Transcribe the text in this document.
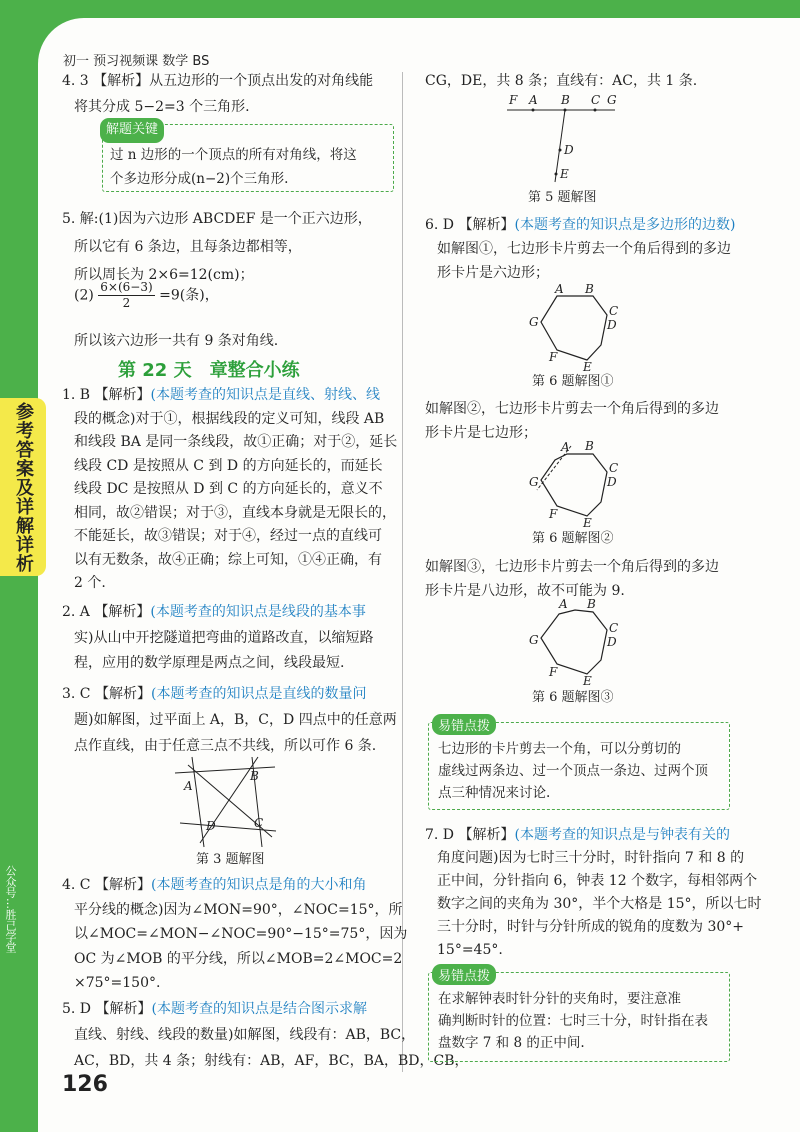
初一 预习视频课 数学 BS
参考答案及详解详析
公众号…胜己学堂
126
4. 3 【解析】从五边形的一个顶点出发的对角线能
将其分成 5−2=3 个三角形.
解题关键
过 n 边形的一个顶点的所有对角线，将这
个多边形分成(n−2)个三角形.
5. 解:(1)因为六边形 ABCDEF 是一个正六边形，
所以它有 6 条边，且每条边都相等，
所以周长为 2×6=12(cm)；
$(2) \frac{6\times(6-3)}{2} =9$(条)，
所以该六边形一共有 9 条对角线.
第 22 天　章整合小练
1. B 【解析】(本题考查的知识点是直线、射线、线
段的概念)对于①，根据线段的定义可知，线段 AB
和线段 BA 是同一条线段，故①正确；对于②，延长
线段 CD 是按照从 C 到 D 的方向延长的，而延长
线段 DC 是按照从 D 到 C 的方向延长的，意义不
相同，故②错误；对于③，直线本身就是无限长的，
不能延长，故③错误；对于④，经过一点的直线可
以有无数条，故④正确；综上可知，①④正确，有
2 个.
2. A 【解析】(本题考查的知识点是线段的基本事
实)从山中开挖隧道把弯曲的道路改直，以缩短路
程，应用的数学原理是两点之间，线段最短.
3. C 【解析】(本题考查的知识点是直线的数量问
题)如解图，过平面上 A，B，C，D 四点中的任意两
点作直线，由于任意三点不共线，所以可作 6 条.
A
B
D	C
第 3 题解图
4. C 【解析】(本题考查的知识点是角的大小和角
平分线的概念)因为∠MON=90°，∠NOC=15°，所
以∠MOC=∠MON−∠NOC=90°−15°=75°，因为
OC 为∠MOB 的平分线，所以∠MOB=2∠MOC=2
×75°=150°.
5. D 【解析】(本题考查的知识点是结合图示求解
直线、射线、线段的数量)如解图，线段有：AB，BC，
AC，BD，共 4 条；射线有：AB，AF，BC，BA，BD，CB，
CG，DE，共 8 条；直线有：AC，共 1 条.
F A B C G
D
E
第 5 题解图
6. D 【解析】(本题考查的知识点是多边形的边数)
如解图①，七边形卡片剪去一个角后得到的多边
形卡片是六边形；
A B
C
D
E
F
G
第 6 题解图①
如解图②，七边形卡片剪去一个角后得到的多边
形卡片是七边形；
A B
C
D
E
F
G
第 6 题解图②
如解图③，七边形卡片剪去一个角后得到的多边
形卡片是八边形，故不可能为 9.
A B
C
D
E
F
G
第 6 题解图③
易错点拨
七边形的卡片剪去一个角，可以分剪切的
虚线过两条边、过一个顶点一条边、过两个顶
点三种情况来讨论.
7. D 【解析】(本题考查的知识点是与钟表有关的
角度问题)因为七时三十分时，时针指向 7 和 8 的
正中间，分针指向 6，钟表 12 个数字，每相邻两个
数字之间的夹角为 30°，半个大格是 15°，所以七时
三十分时，时针与分针所成的锐角的度数为 30°+
15°=45°.
易错点拨
在求解钟表时针分针的夹角时，要注意准
确判断时针的位置：七时三十分，时针指在表
盘数字 7 和 8 的正中间.
